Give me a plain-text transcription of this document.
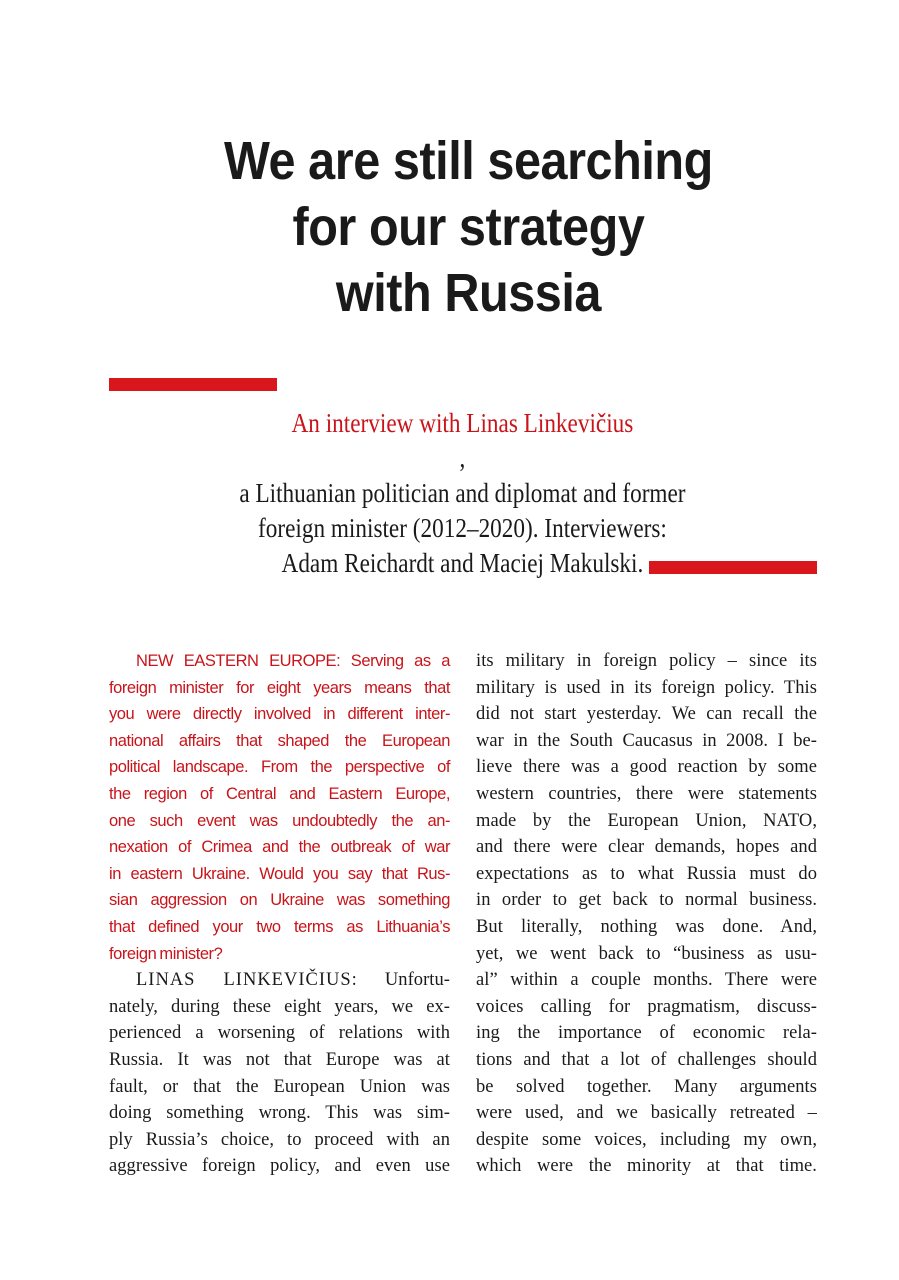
We are still searching
for our strategy
with Russia
An interview with Linas Linkevičius
,
a Lithuanian politician and diplomat and former
foreign minister (2012–2020). Interviewers:
Adam Reichardt and Maciej Makulski.
NEW EASTERN EUROPE: Serving as a
foreign minister for eight years means that
you were directly involved in different inter-
national affairs that shaped the European
political landscape. From the perspective of
the region of Central and Eastern Europe,
one such event was undoubtedly the an-
nexation of Crimea and the outbreak of war
in eastern Ukraine. Would you say that Rus-
sian aggression on Ukraine was something
that defined your two terms as Lithuania’s
foreign minister?
LINAS LINKEVIČIUS: Unfortu-
nately, during these eight years, we ex-
perienced a worsening of relations with
Russia. It was not that Europe was at
fault, or that the European Union was
doing something wrong. This was sim-
ply Russia’s choice, to proceed with an
aggressive foreign policy, and even use
its military in foreign policy – since its
military is used in its foreign policy. This
did not start yesterday. We can recall the
war in the South Caucasus in 2008. I be-
lieve there was a good reaction by some
western countries, there were statements
made by the European Union, NATO,
and there were clear demands, hopes and
expectations as to what Russia must do
in order to get back to normal business.
But literally, nothing was done. And,
yet, we went back to “business as usu-
al” within a couple months. There were
voices calling for pragmatism, discuss-
ing the importance of economic rela-
tions and that a lot of challenges should
be solved together. Many arguments
were used, and we basically retreated –
despite some voices, including my own,
which were the minority at that time.
